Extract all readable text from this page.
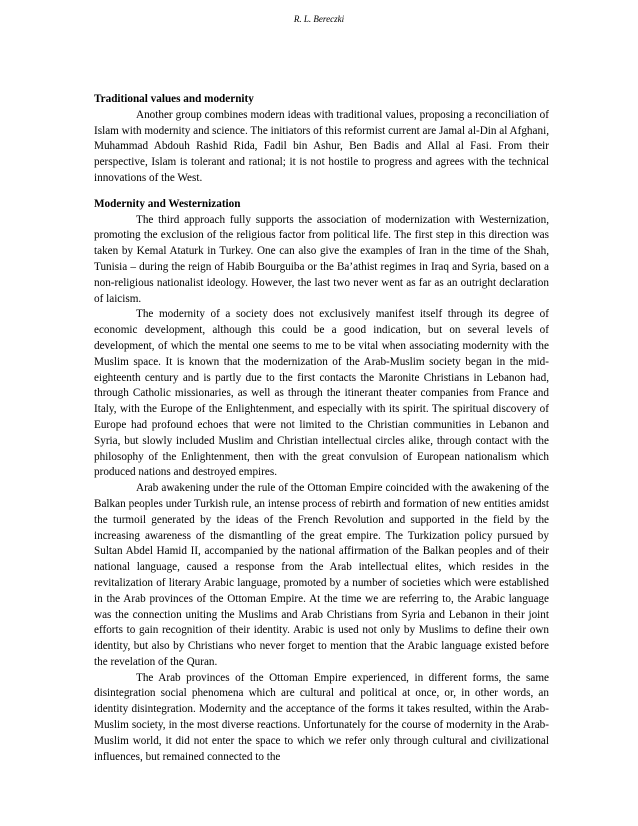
R. L. Bereczki
Traditional values and modernity

Another group combines modern ideas with traditional values, proposing a reconciliation of Islam with modernity and science. The initiators of this reformist current are Jamal al-Din al Afghani, Muhammad Abdouh Rashid Rida, Fadil bin Ashur, Ben Badis and Allal al Fasi. From their perspective, Islam is tolerant and rational; it is not hostile to progress and agrees with the technical innovations of the West.

Modernity and Westernization

The third approach fully supports the association of modernization with Westernization, promoting the exclusion of the religious factor from political life. The first step in this direction was taken by Kemal Ataturk in Turkey. One can also give the examples of Iran in the time of the Shah, Tunisia – during the reign of Habib Bourguiba or the Ba’athist regimes in Iraq and Syria, based on a non-religious nationalist ideology. However, the last two never went as far as an outright declaration of laicism.

The modernity of a society does not exclusively manifest itself through its degree of economic development, although this could be a good indication, but on several levels of development, of which the mental one seems to me to be vital when associating modernity with the Muslim space. It is known that the modernization of the Arab-Muslim society began in the mid-eighteenth century and is partly due to the first contacts the Maronite Christians in Lebanon had, through Catholic missionaries, as well as through the itinerant theater companies from France and Italy, with the Europe of the Enlightenment, and especially with its spirit. The spiritual discovery of Europe had profound echoes that were not limited to the Christian communities in Lebanon and Syria, but slowly included Muslim and Christian intellectual circles alike, through contact with the philosophy of the Enlightenment, then with the great convulsion of European nationalism which produced nations and destroyed empires.

Arab awakening under the rule of the Ottoman Empire coincided with the awakening of the Balkan peoples under Turkish rule, an intense process of rebirth and formation of new entities amidst the turmoil generated by the ideas of the French Revolution and supported in the field by the increasing awareness of the dismantling of the great empire. The Turkization policy pursued by Sultan Abdel Hamid II, accompanied by the national affirmation of the Balkan peoples and of their national language, caused a response from the Arab intellectual elites, which resides in the revitalization of literary Arabic language, promoted by a number of societies which were established in the Arab provinces of the Ottoman Empire. At the time we are referring to, the Arabic language was the connection uniting the Muslims and Arab Christians from Syria and Lebanon in their joint efforts to gain recognition of their identity. Arabic is used not only by Muslims to define their own identity, but also by Christians who never forget to mention that the Arabic language existed before the revelation of the Quran.

The Arab provinces of the Ottoman Empire experienced, in different forms, the same disintegration social phenomena which are cultural and political at once, or, in other words, an identity disintegration. Modernity and the acceptance of the forms it takes resulted, within the Arab-Muslim society, in the most diverse reactions. Unfortunately for the course of modernity in the Arab-Muslim world, it did not enter the space to which we refer only through cultural and civilizational influences, but remained connected to the
